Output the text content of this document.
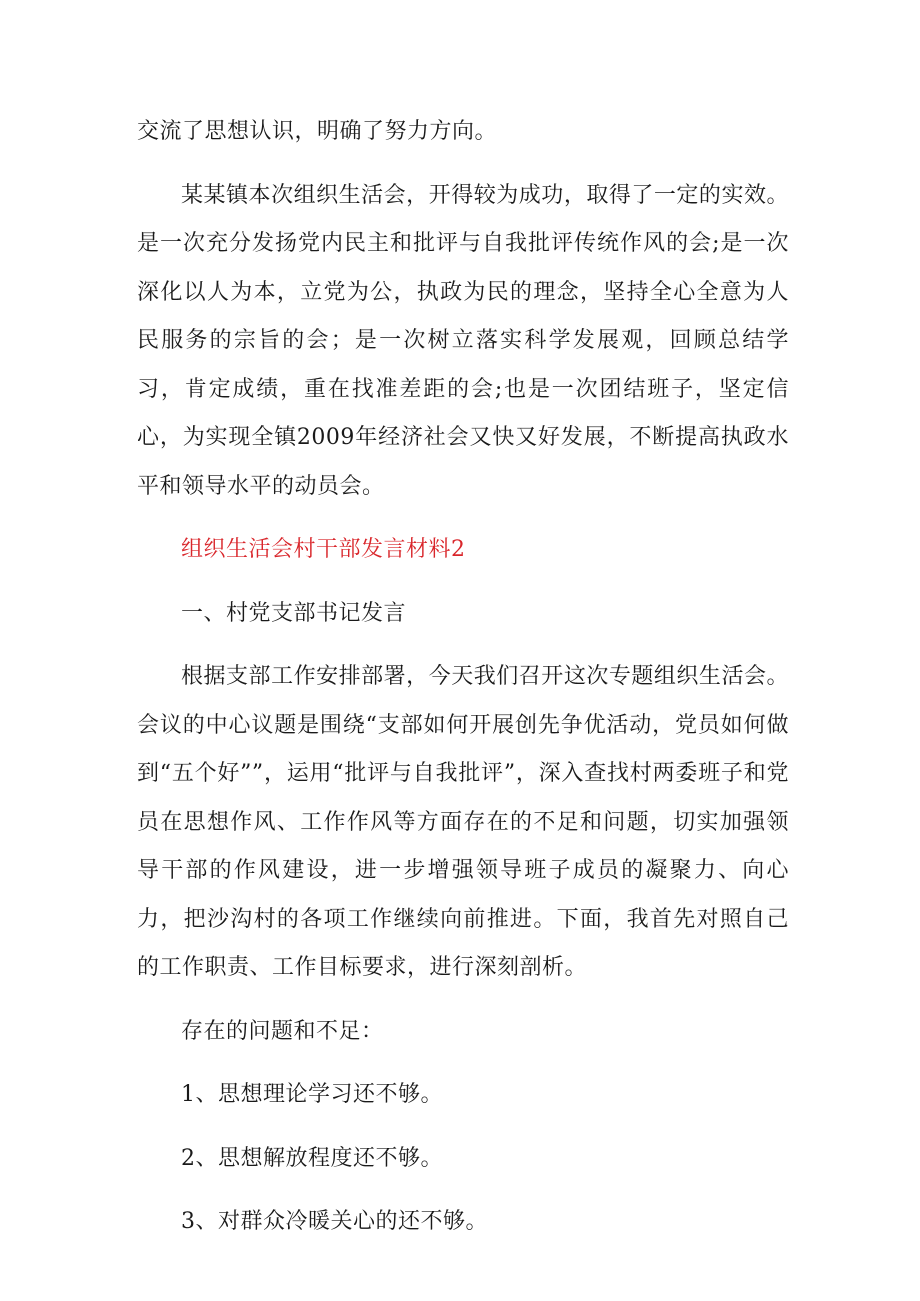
交流了思想认识，明确了努力方向。

某某镇本次组织生活会，开得较为成功，取得了一定的实效。是一次充分发扬党内民主和批评与自我批评传统作风的会;是一次深化以人为本，立党为公，执政为民的理念，坚持全心全意为人民服务的宗旨的会；是一次树立落实科学发展观，回顾总结学习，肯定成绩，重在找准差距的会;也是一次团结班子，坚定信心，为实现全镇2009年经济社会又快又好发展，不断提高执政水平和领导水平的动员会。

组织生活会村干部发言材料2

一、村党支部书记发言

根据支部工作安排部署，今天我们召开这次专题组织生活会。会议的中心议题是围绕“支部如何开展创先争优活动，党员如何做到“五个好””，运用“批评与自我批评”，深入查找村两委班子和党员在思想作风、工作作风等方面存在的不足和问题，切实加强领导干部的作风建设，进一步增强领导班子成员的凝聚力、向心力，把沙沟村的各项工作继续向前推进。下面，我首先对照自己的工作职责、工作目标要求，进行深刻剖析。

存在的问题和不足：

1、思想理论学习还不够。

2、思想解放程度还不够。

3、对群众冷暖关心的还不够。
